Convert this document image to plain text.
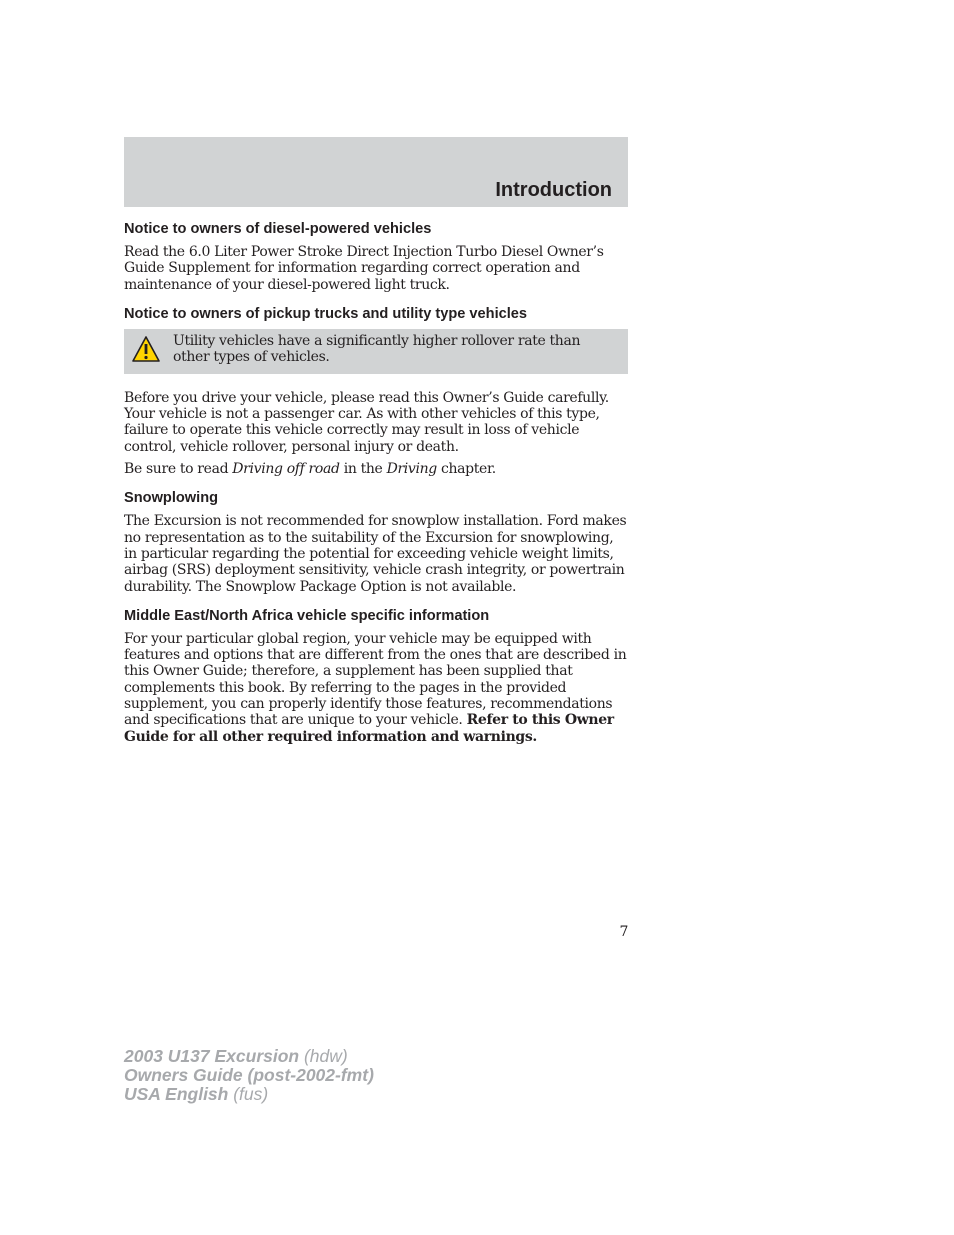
Introduction
Notice to owners of diesel-powered vehicles

Read the 6.0 Liter Power Stroke Direct Injection Turbo Diesel Owner’s Guide Supplement for information regarding correct operation and maintenance of your diesel-powered light truck.

Notice to owners of pickup trucks and utility type vehicles

Utility vehicles have a significantly higher rollover rate than other types of vehicles.

Before you drive your vehicle, please read this Owner’s Guide carefully. Your vehicle is not a passenger car. As with other vehicles of this type, failure to operate this vehicle correctly may result in loss of vehicle control, vehicle rollover, personal injury or death.

Be sure to read Driving off road in the Driving chapter.

Snowplowing

The Excursion is not recommended for snowplow installation. Ford makes no representation as to the suitability of the Excursion for snowplowing, in particular regarding the potential for exceeding vehicle weight limits, airbag (SRS) deployment sensitivity, vehicle crash integrity, or powertrain durability. The Snowplow Package Option is not available.

Middle East/North Africa vehicle specific information

For your particular global region, your vehicle may be equipped with features and options that are different from the ones that are described in this Owner Guide; therefore, a supplement has been supplied that complements this book. By referring to the pages in the provided supplement, you can properly identify those features, recommendations and specifications that are unique to your vehicle. Refer to this Owner Guide for all other required information and warnings.

7

2003 U137 Excursion (hdw)
Owners Guide (post-2002-fmt)
USA English (fus)
